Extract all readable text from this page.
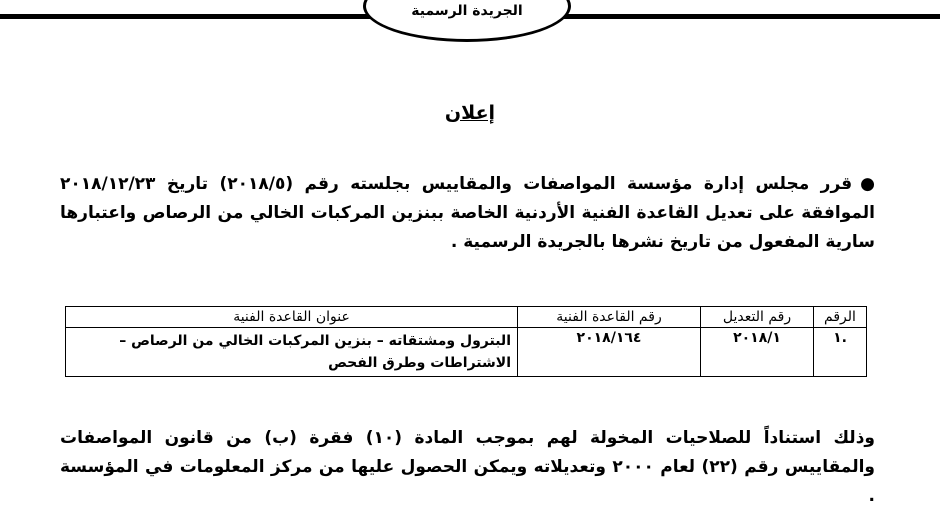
الجريدة الرسمية
إعلان
●قرر مجلس إدارة مؤسسة المواصفات والمقاييس بجلسته رقم (٢٠١٨/٥) تاريخ ٢٠١٨/١٢/٢٣ الموافقة على تعديل القاعدة الفنية الأردنية الخاصة ببنزين المركبات الخالي من الرصاص واعتبارها سارية المفعول من تاريخ نشرها بالجريدة الرسمية .
الرقم	رقم التعديل	رقم القاعدة الفنية	عنوان القاعدة الفنية
.١	٢٠١٨/١	٢٠١٨/١٦٤	البترول ومشتقاته – بنزين المركبات الخالي من الرصاص – الاشتراطات وطرق الفحص
وذلك استناداً للصلاحيات المخولة لهم بموجب المادة (١٠) فقرة (ب) من قانون المواصفات والمقاييس رقم (٢٢) لعام ٢٠٠٠ وتعديلاته ويمكن الحصول عليها من مركز المعلومات في المؤسسة .
